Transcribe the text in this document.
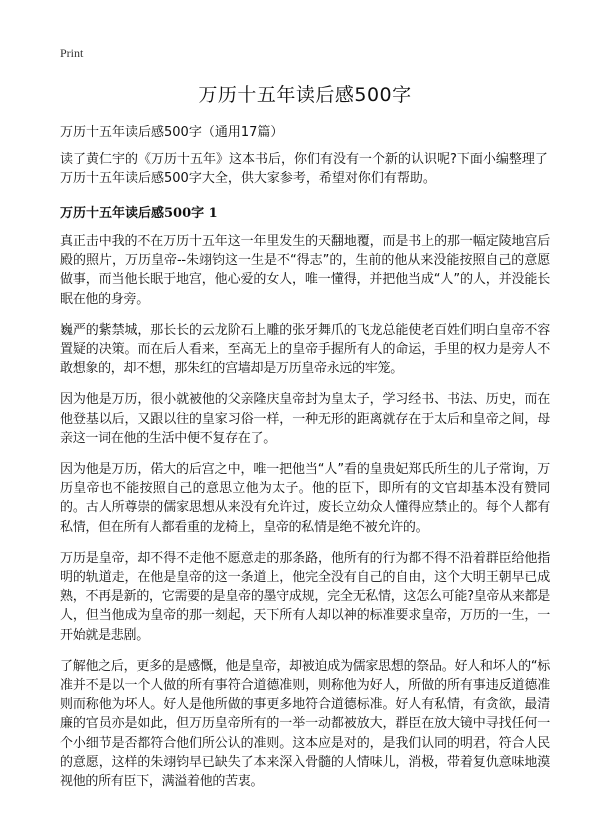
Print
万历十五年读后感500字
万历十五年读后感500字（通用17篇）
读了黄仁宇的《万历十五年》这本书后，你们有没有一个新的认识呢?下面小编整理了万历十五年读后感500字大全，供大家参考，希望对你们有帮助。
万历十五年读后感500字 1

真正击中我的不在万历十五年这一年里发生的天翻地覆，而是书上的那一幅定陵地宫后殿的照片，万历皇帝--朱翊钧这一生是不“得志”的，生前的他从来没能按照自己的意愿做事，而当他长眠于地宫，他心爱的女人，唯一懂得，并把他当成“人”的人，并没能长眠在他的身旁。

巍严的紫禁城，那长长的云龙阶石上雕的张牙舞爪的飞龙总能使老百姓们明白皇帝不容置疑的决策。而在后人看来，至高无上的皇帝手握所有人的命运，手里的权力是旁人不敢想象的，却不想，那朱红的宫墙却是万历皇帝永远的牢笼。

因为他是万历，很小就被他的父亲隆庆皇帝封为皇太子，学习经书、书法、历史，而在他登基以后，又跟以往的皇家习俗一样，一种无形的距离就存在于太后和皇帝之间，母亲这一词在他的生活中便不复存在了。

因为他是万历，偌大的后宫之中，唯一把他当“人”看的皇贵妃郑氏所生的儿子常询，万历皇帝也不能按照自己的意思立他为太子。他的臣下，即所有的文官却基本没有赞同的。古人所尊崇的儒家思想从来没有允许过，废长立幼众人懂得应禁止的。每个人都有私情，但在所有人都看重的龙椅上，皇帝的私情是绝不被允许的。

万历是皇帝，却不得不走他不愿意走的那条路，他所有的行为都不得不沿着群臣给他指明的轨道走，在他是皇帝的这一条道上，他完全没有自己的自由，这个大明王朝早已成熟，不再是新的，它需要的是皇帝的墨守成规，完全无私情，这怎么可能?皇帝从来都是人，但当他成为皇帝的那一刻起，天下所有人却以神的标准要求皇帝，万历的一生，一开始就是悲剧。

了解他之后，更多的是感慨，他是皇帝，却被迫成为儒家思想的祭品。好人和坏人的“标准并不是以一个人做的所有事符合道德准则，则称他为好人，所做的所有事违反道德准则而称他为坏人。好人是他所做的事更多地符合道德标准。好人有私情，有贪欲，最清廉的官员亦是如此，但万历皇帝所有的一举一动都被放大，群臣在放大镜中寻找任何一个小细节是否都符合他们所公认的准则。这本应是对的，是我们认同的明君，符合人民的意愿，这样的朱翊钧早已缺失了本来深入骨髓的人情味儿，消极，带着复仇意味地漠视他的所有臣下，满溢着他的苦衷。
